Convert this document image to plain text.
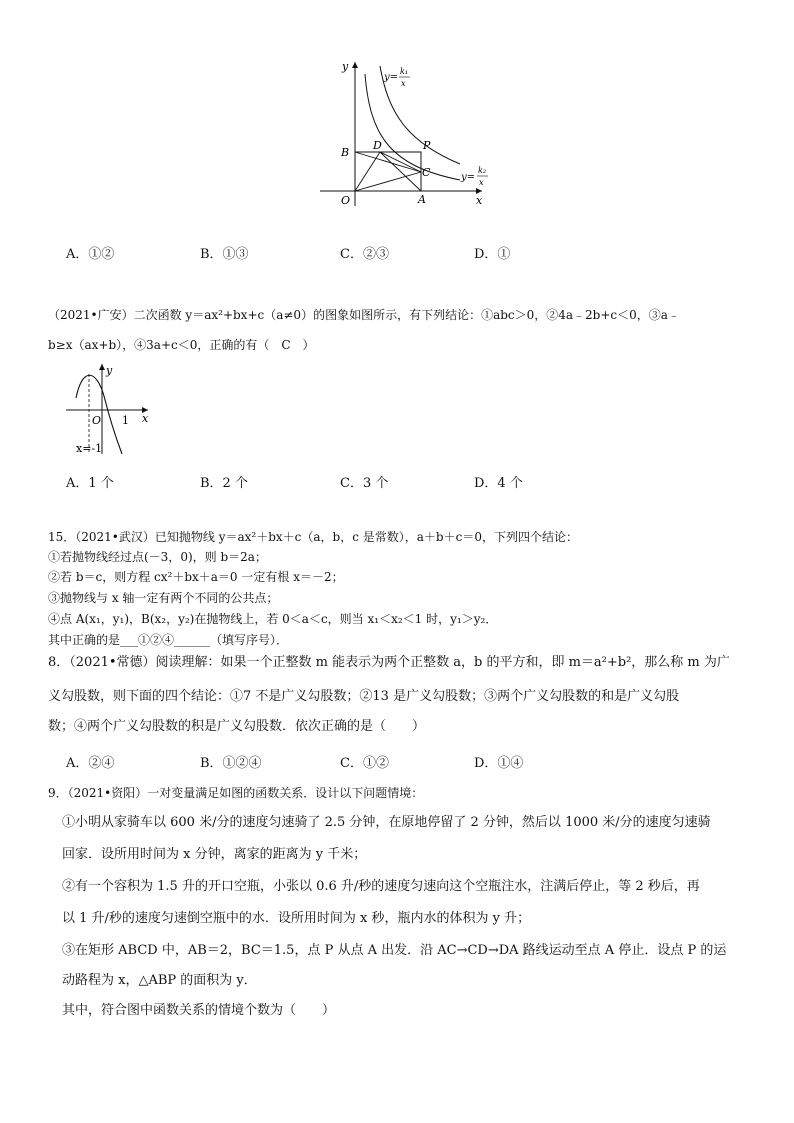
y
x
O
B
D	P
C
A
y=
k₁
x
y=
k₂
x
A．①②	B．①③	C．②③	D．①
（2021•广安）二次函数 y＝ax²+bx+c（a≠0）的图象如图所示，有下列结论：①abc＞0，②4a﹣2b+c＜0，③a﹣
b≥x（ax+b），④3a+c＜0，正确的有（　C　）
y
x
O 1
x=-1
A．1 个	B．2 个	C．3 个	D．4 个
15．（2021•武汉）已知抛物线 y＝ax²＋bx＋c（a，b，c 是常数），a＋b＋c＝0，下列四个结论：
①若抛物线经过点(－3，0)，则 b＝2a；
②若 b＝c，则方程 cx²＋bx＋a＝0 一定有根 x＝－2；
③抛物线与 x 轴一定有两个不同的公共点；
④点 A(x₁，y₁)，B(x₂，y₂)在抛物线上，若 0＜a＜c，则当 x₁＜x₂＜1 时，y₁＞y₂．
其中正确的是___①②④______（填写序号）．
8．（2021•常德）阅读理解：如果一个正整数 m 能表示为两个正整数 a，b 的平方和，即 m＝a²+b²，那么称 m 为广
义勾股数，则下面的四个结论：①7 不是广义勾股数；②13 是广义勾股数；③两个广义勾股数的和是广义勾股
数；④两个广义勾股数的积是广义勾股数．依次正确的是（　　）
A．②④	B．①②④	C．①②	D．①④
9．（2021•资阳）一对变量满足如图的函数关系．设计以下问题情境：
①小明从家骑车以 600 米/分的速度匀速骑了 2.5 分钟，在原地停留了 2 分钟，然后以 1000 米/分的速度匀速骑
回家．设所用时间为 x 分钟，离家的距离为 y 千米；
②有一个容积为 1.5 升的开口空瓶，小张以 0.6 升/秒的速度匀速向这个空瓶注水，注满后停止，等 2 秒后，再
以 1 升/秒的速度匀速倒空瓶中的水．设所用时间为 x 秒，瓶内水的体积为 y 升；
③在矩形 ABCD 中，AB＝2，BC＝1.5，点 P 从点 A 出发．沿 AC→CD→DA 路线运动至点 A 停止．设点 P 的运
动路程为 x，△ABP 的面积为 y．
其中，符合图中函数关系的情境个数为（　　）
